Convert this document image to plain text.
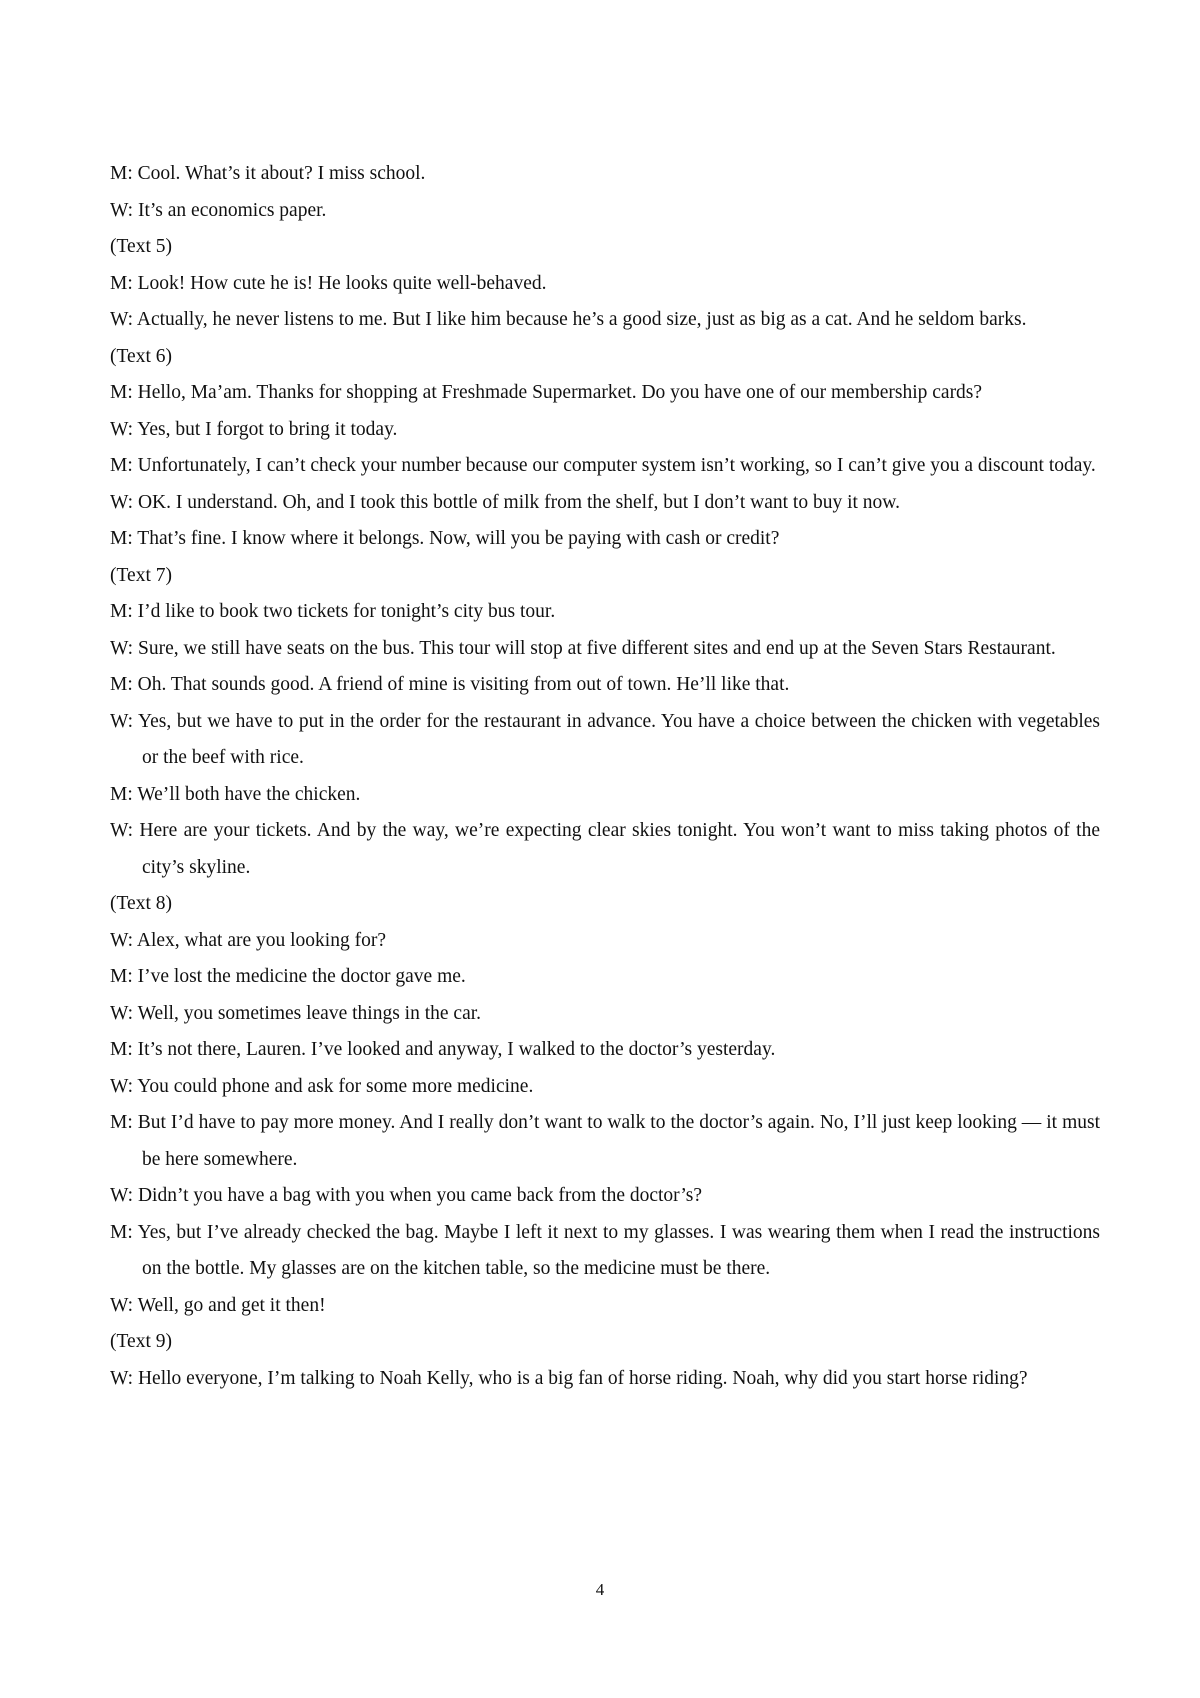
M: Cool. What’s it about? I miss school.

W: It’s an economics paper.

(Text 5)

M: Look! How cute he is! He looks quite well-behaved.

W: Actually, he never listens to me. But I like him because he’s a good size, just as big as a cat. And he seldom barks.

(Text 6)

M: Hello, Ma’am. Thanks for shopping at Freshmade Supermarket. Do you have one of our membership cards?

W: Yes, but I forgot to bring it today.

M: Unfortunately, I can’t check your number because our computer system isn’t working, so I can’t give you a discount today.

W: OK. I understand. Oh, and I took this bottle of milk from the shelf, but I don’t want to buy it now.

M: That’s fine. I know where it belongs. Now, will you be paying with cash or credit?

(Text 7)

M: I’d like to book two tickets for tonight’s city bus tour.

W: Sure, we still have seats on the bus. This tour will stop at five different sites and end up at the Seven Stars Restaurant.

M: Oh. That sounds good. A friend of mine is visiting from out of town. He’ll like that.

W: Yes, but we have to put in the order for the restaurant in advance. You have a choice between the chicken with vegetables or the beef with rice.

M: We’ll both have the chicken.

W: Here are your tickets. And by the way, we’re expecting clear skies tonight. You won’t want to miss taking photos of the city’s skyline.

(Text 8)

W: Alex, what are you looking for?

M: I’ve lost the medicine the doctor gave me.

W: Well, you sometimes leave things in the car.

M: It’s not there, Lauren. I’ve looked and anyway, I walked to the doctor’s yesterday.

W: You could phone and ask for some more medicine.

M: But I’d have to pay more money. And I really don’t want to walk to the doctor’s again. No, I’ll just keep looking — it must be here somewhere.

W: Didn’t you have a bag with you when you came back from the doctor’s?

M: Yes, but I’ve already checked the bag. Maybe I left it next to my glasses. I was wearing them when I read the instructions on the bottle. My glasses are on the kitchen table, so the medicine must be there.

W: Well, go and get it then!

(Text 9)

W: Hello everyone, I’m talking to Noah Kelly, who is a big fan of horse riding. Noah, why did you start horse riding?

4
